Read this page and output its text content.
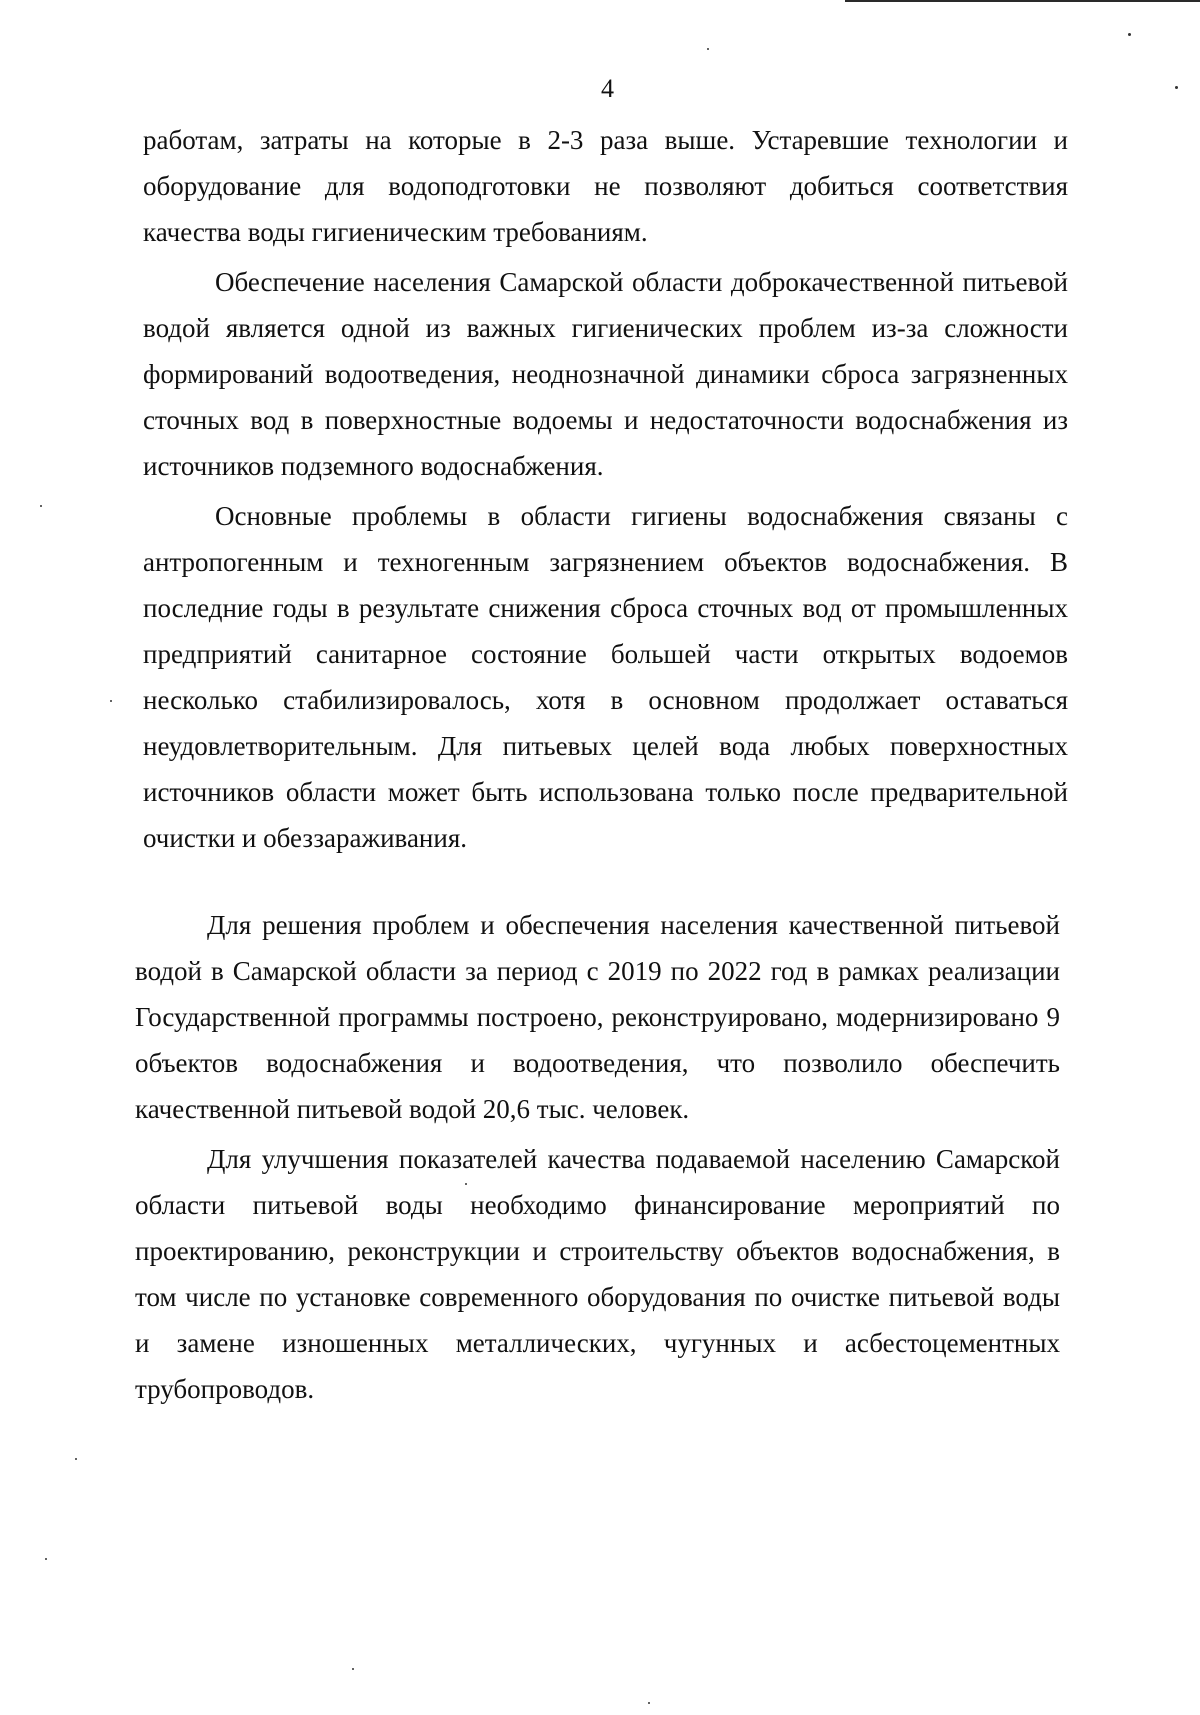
4

работам, затраты на которые в 2-3 раза выше. Устаревшие технологии и оборудование для водоподготовки не позволяют добиться соответствия качества воды гигиеническим требованиям.

Обеспечение населения Самарской области доброкачественной питьевой водой является одной из важных гигиенических проблем из-за сложности формирований водоотведения, неоднозначной динамики сброса загрязненных сточных вод в поверхностные водоемы и недостаточности водоснабжения из источников подземного водоснабжения.

Основные проблемы в области гигиены водоснабжения связаны с антропогенным и техногенным загрязнением объектов водоснабжения. В последние годы в результате снижения сброса сточных вод от промышленных предприятий санитарное состояние большей части открытых водоемов несколько стабилизировалось, хотя в основном продолжает оставаться неудовлетворительным. Для питьевых целей вода любых поверхностных источников области может быть использована только после предварительной очистки и обеззараживания.

Для решения проблем и обеспечения населения качественной питьевой водой в Самарской области за период с 2019 по 2022 год в рамках реализации Государственной программы построено, реконструировано, модернизировано 9 объектов водоснабжения и водоотведения, что позволило обеспечить качественной питьевой водой 20,6 тыс. человек.

Для улучшения показателей качества подаваемой населению Самарской области питьевой воды необходимо финансирование мероприятий по проектированию, реконструкции и строительству объектов водоснабжения, в том числе по установке современного оборудования по очистке питьевой воды и замене изношенных металлических, чугунных и асбестоцементных трубопроводов.
